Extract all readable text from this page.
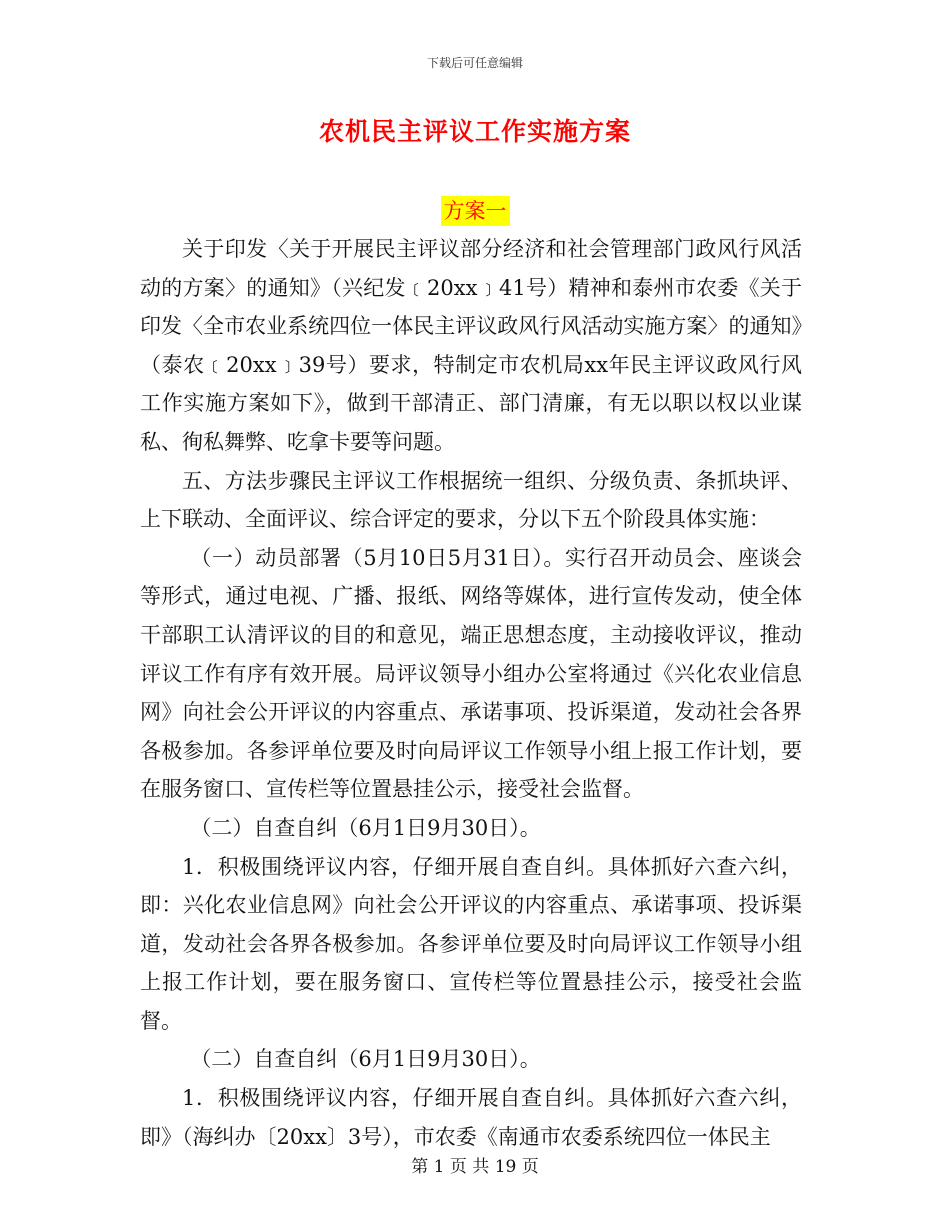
下载后可任意编辑
农机民主评议工作实施方案
方案一

关于印发〈关于开展民主评议部分经济和社会管理部门政风行风活动的方案〉的通知》（兴纪发﹝20xx﹞41号）精神和泰州市农委《关于印发〈全市农业系统四位一体民主评议政风行风活动实施方案〉的通知》（泰农﹝20xx﹞39号）要求，特制定市农机局xx年民主评议政风行风工作实施方案如下》，做到干部清正、部门清廉，有无以职以权以业谋私、徇私舞弊、吃拿卡要等问题。

五、方法步骤民主评议工作根据统一组织、分级负责、条抓块评、上下联动、全面评议、综合评定的要求，分以下五个阶段具体实施：

（一）动员部署（5月10日5月31日）。实行召开动员会、座谈会等形式，通过电视、广播、报纸、网络等媒体，进行宣传发动，使全体干部职工认清评议的目的和意见，端正思想态度，主动接收评议，推动评议工作有序有效开展。局评议领导小组办公室将通过《兴化农业信息网》向社会公开评议的内容重点、承诺事项、投诉渠道，发动社会各界各极参加。各参评单位要及时向局评议工作领导小组上报工作计划，要在服务窗口、宣传栏等位置悬挂公示，接受社会监督。

（二）自查自纠（6月1日9月30日）。

1．积极围绕评议内容，仔细开展自查自纠。具体抓好六查六纠，即：兴化农业信息网》向社会公开评议的内容重点、承诺事项、投诉渠道，发动社会各界各极参加。各参评单位要及时向局评议工作领导小组上报工作计划，要在服务窗口、宣传栏等位置悬挂公示，接受社会监督。

（二）自查自纠（6月1日9月30日）。

1．积极围绕评议内容，仔细开展自查自纠。具体抓好六查六纠，即》（海纠办〔20xx〕3号），市农委《南通市农委系统四位一体民主

第 1 页 共 19 页
